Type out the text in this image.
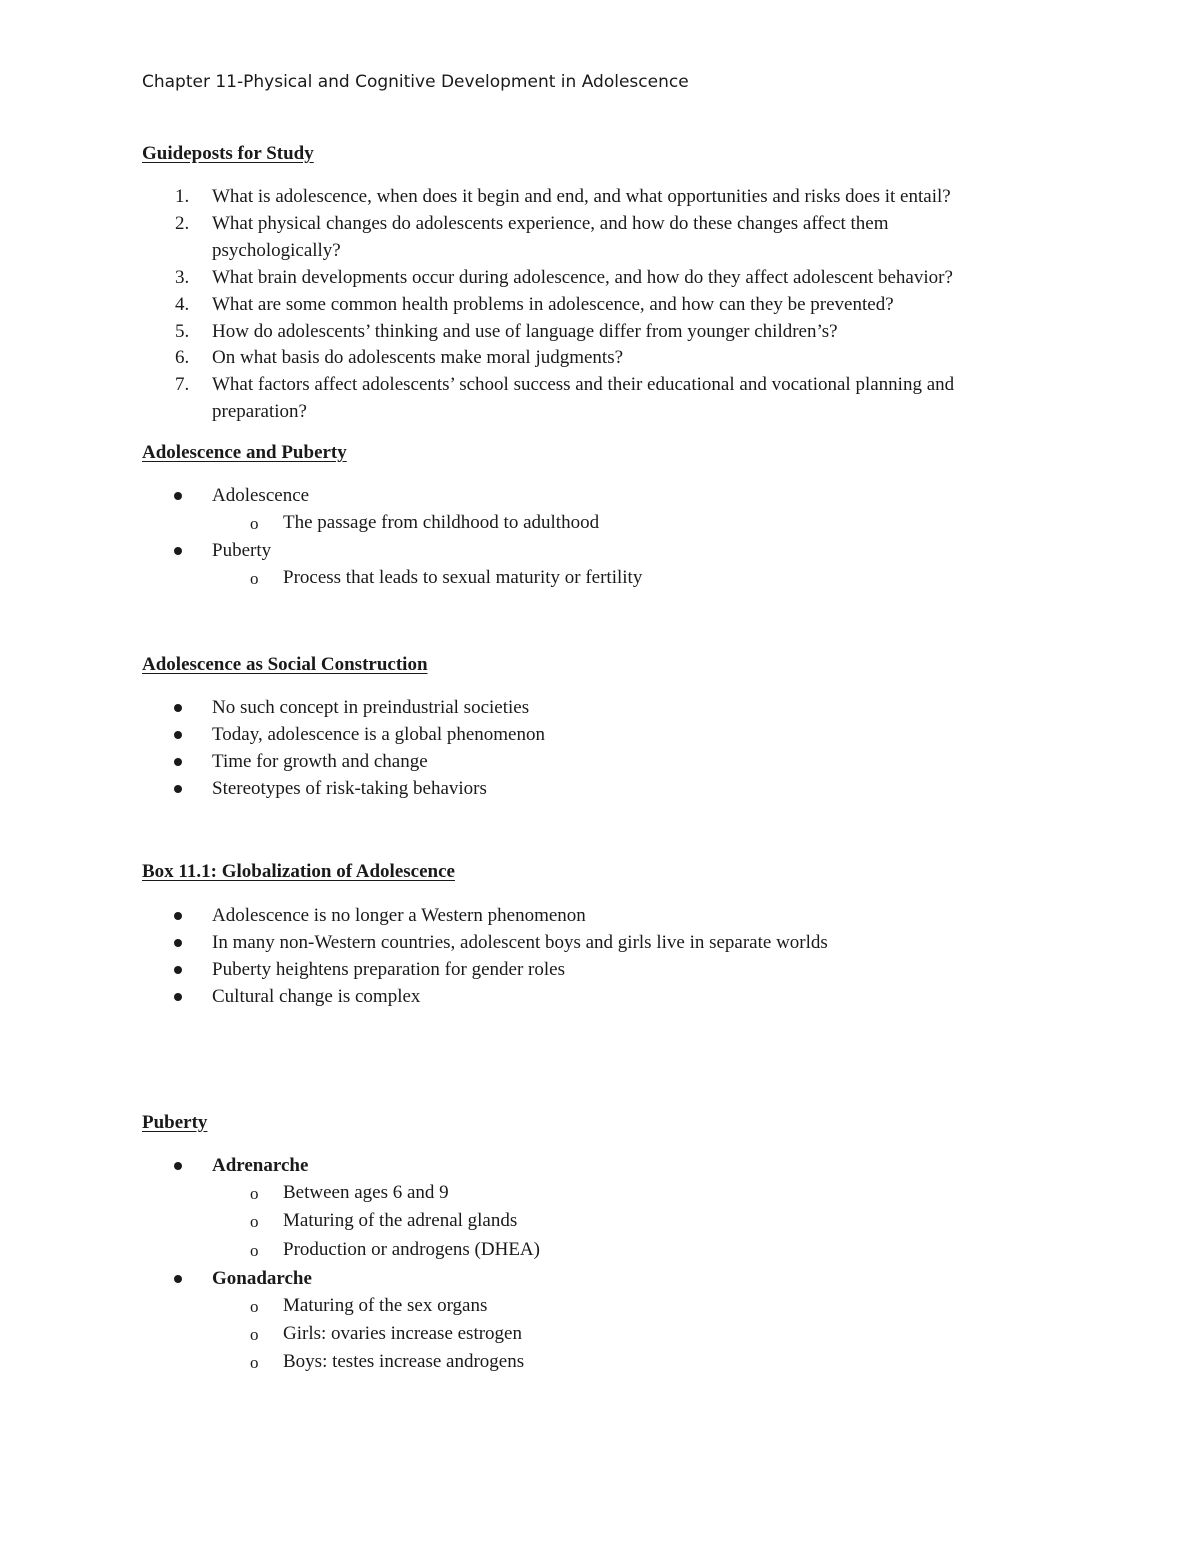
Chapter 11-Physical and Cognitive Development in Adolescence
Guideposts for Study
1. What is adolescence, when does it begin and end, and what opportunities and risks does it entail?
2. What physical changes do adolescents experience, and how do these changes affect them
psychologically?
3. What brain developments occur during adolescence, and how do they affect adolescent behavior?
4. What are some common health problems in adolescence, and how can they be prevented?
5. How do adolescents’ thinking and use of language differ from younger children’s?
6. On what basis do adolescents make moral judgments?
7. What factors affect adolescents’ school success and their educational and vocational planning and
preparation?
Adolescence and Puberty
Adolescence
o The passage from childhood to adulthood
Puberty
o Process that leads to sexual maturity or fertility
Adolescence as Social Construction
No such concept in preindustrial societies
Today, adolescence is a global phenomenon
Time for growth and change
Stereotypes of risk-taking behaviors
Box 11.1: Globalization of Adolescence
Adolescence is no longer a Western phenomenon
In many non-Western countries, adolescent boys and girls live in separate worlds
Puberty heightens preparation for gender roles
Cultural change is complex
Puberty
Adrenarche
o Between ages 6 and 9
o Maturing of the adrenal glands
o Production or androgens (DHEA)
Gonadarche
o Maturing of the sex organs
o Girls: ovaries increase estrogen
o Boys: testes increase androgens
